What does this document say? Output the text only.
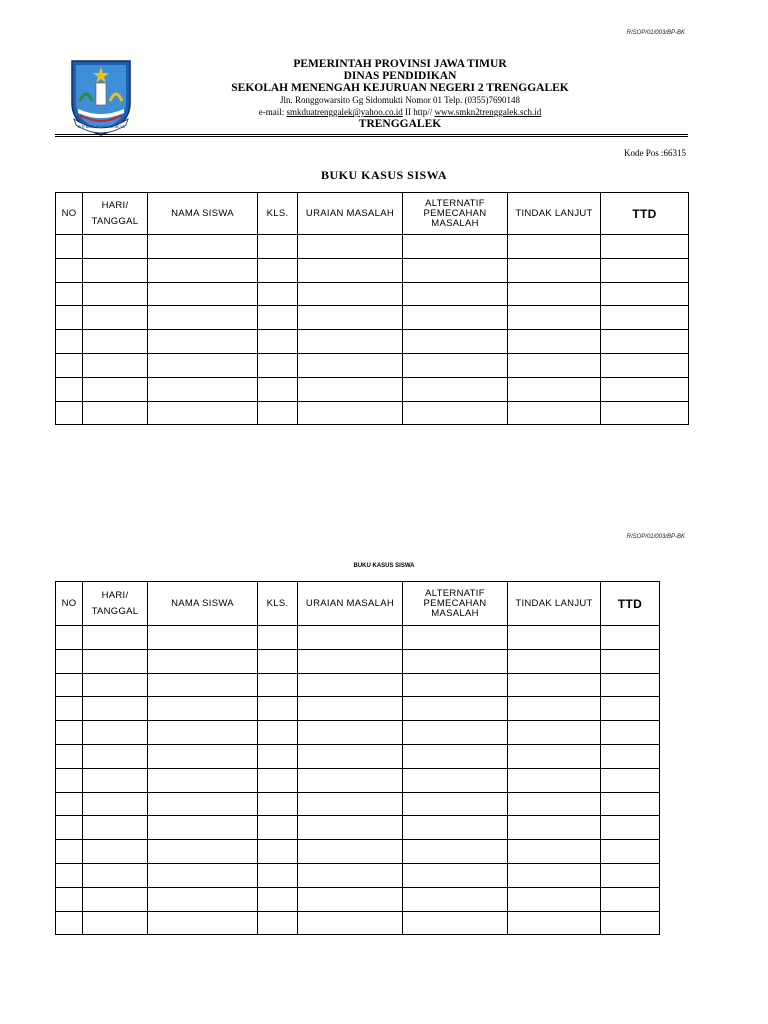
R/SOP/01/003/BP-BK
JER BASUKI MAWA BEYA
PEMERINTAH PROVINSI JAWA TIMUR
DINAS PENDIDIKAN
SEKOLAH MENENGAH KEJURUAN NEGERI 2 TRENGGALEK
Jln. Ronggowarsito Gg Sidomukti Nomor 01 Telp. (0355)7690148
e-mail: smkduatrenggalek@yahoo.co.id II http// www.smkn2trenggalek.sch.id
TRENGGALEK
Kode Pos :66315
BUKU KASUS SISWA
NO	HARI/
TANGGAL	NAMA SISWA	KLS.	URAIAN MASALAH	ALTERNATIF
PEMECAHAN
MASALAH	TINDAK LANJUT	TTD

R/SOP/01/003/BP-BK
BUKU KASUS SISWA
NO	HARI/
TANGGAL	NAMA SISWA	KLS.	URAIAN MASALAH	ALTERNATIF
PEMECAHAN
MASALAH	TINDAK LANJUT	TTD
